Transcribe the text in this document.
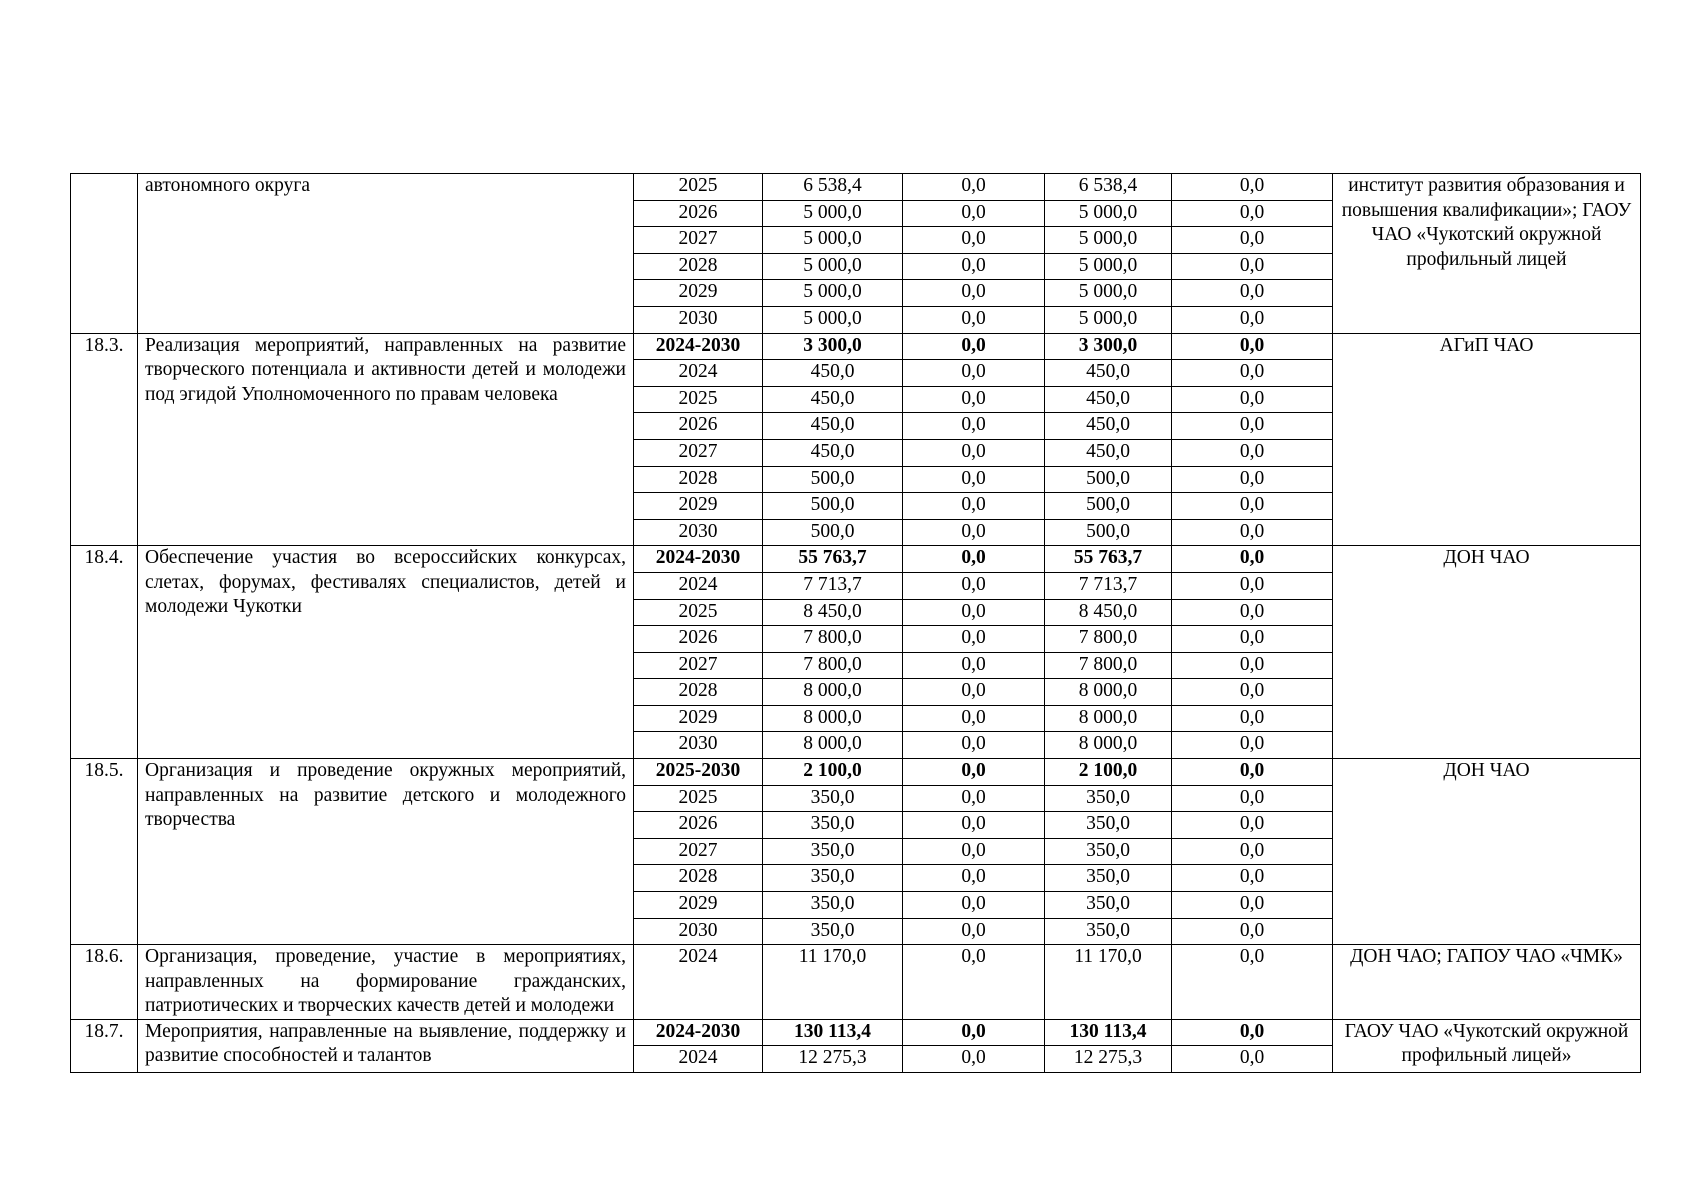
	автономного округа	2025	6 538,4	0,0	6 538,4	0,0	институт развития образования и повышения квалификации»; ГАОУ ЧАО «Чукотский окружной профильный лицей
		2026	5 000,0	0,0	5 000,0	0,0	
		2027	5 000,0	0,0	5 000,0	0,0	
		2028	5 000,0	0,0	5 000,0	0,0	
		2029	5 000,0	0,0	5 000,0	0,0	
		2030	5 000,0	0,0	5 000,0	0,0	
18.3.	Реализация мероприятий, направленных на развитие творческого потенциала и активности детей и молодежи под эгидой Уполномоченного по правам человека	2024-2030	3 300,0	0,0	3 300,0	0,0	АГиП ЧАО
		2024	450,0	0,0	450,0	0,0	
		2025	450,0	0,0	450,0	0,0	
		2026	450,0	0,0	450,0	0,0	
		2027	450,0	0,0	450,0	0,0	
		2028	500,0	0,0	500,0	0,0	
		2029	500,0	0,0	500,0	0,0	
		2030	500,0	0,0	500,0	0,0	
18.4.	Обеспечение участия во всероссийских конкурсах, слетах, форумах, фестивалях специалистов, детей и молодежи Чукотки	2024-2030	55 763,7	0,0	55 763,7	0,0	ДОН ЧАО
		2024	7 713,7	0,0	7 713,7	0,0	
		2025	8 450,0	0,0	8 450,0	0,0	
		2026	7 800,0	0,0	7 800,0	0,0	
		2027	7 800,0	0,0	7 800,0	0,0	
		2028	8 000,0	0,0	8 000,0	0,0	
		2029	8 000,0	0,0	8 000,0	0,0	
		2030	8 000,0	0,0	8 000,0	0,0	
18.5.	Организация и проведение окружных мероприятий, направленных на развитие детского и молодежного творчества	2025-2030	2 100,0	0,0	2 100,0	0,0	ДОН ЧАО
		2025	350,0	0,0	350,0	0,0	
		2026	350,0	0,0	350,0	0,0	
		2027	350,0	0,0	350,0	0,0	
		2028	350,0	0,0	350,0	0,0	
		2029	350,0	0,0	350,0	0,0	
		2030	350,0	0,0	350,0	0,0	
18.6.	Организация, проведение, участие в мероприятиях, направленных на формирование гражданских, патриотических и творческих качеств детей и молодежи	2024	11 170,0	0,0	11 170,0	0,0	ДОН ЧАО; ГАПОУ ЧАО «ЧМК»
18.7.	Мероприятия, направленные на выявление, поддержку и развитие способностей и талантов	2024-2030	130 113,4	0,0	130 113,4	0,0	ГАОУ ЧАО «Чукотский окружной профильный лицей»
		2024	12 275,3	0,0	12 275,3	0,0	
